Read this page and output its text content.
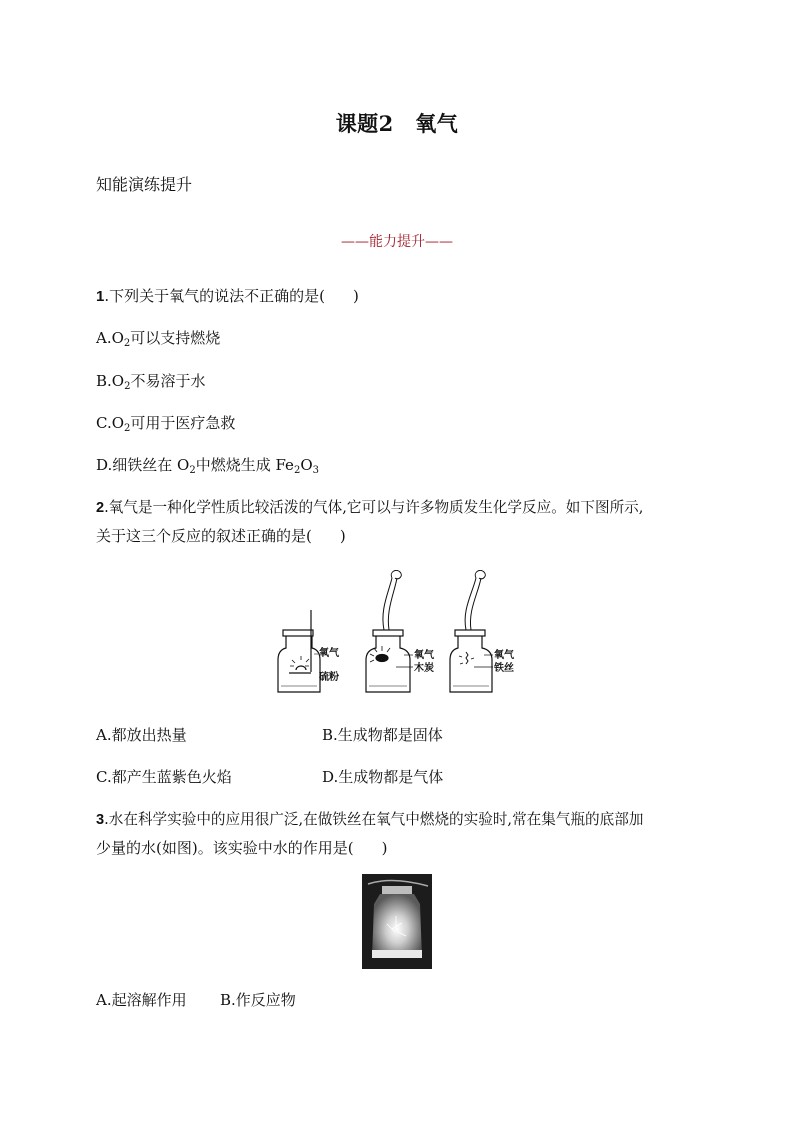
课题2　氧气
知能演练提升
——能力提升——
1.下列关于氧气的说法不正确的是( )
$A.O_2$可以支持燃烧
$B.O_2$不易溶于水
$C.O_2$可用于医疗急救
D.细铁丝在 $O_2$中燃烧生成 $Fe_2O_3$
2.氧气是一种化学性质比较活泼的气体,它可以与许多物质发生化学反应。如下图所示,
关于这三个反应的叙述正确的是( )
氧气
硫粉
氧气
木炭
氧气
铁丝
A.都放出热量	B.生成物都是固体
C.都产生蓝紫色火焰	D.生成物都是气体
3.水在科学实验中的应用很广泛,在做铁丝在氧气中燃烧的实验时,常在集气瓶的底部加
少量的水(如图)。该实验中水的作用是( )
A.起溶解作用 B.作反应物
